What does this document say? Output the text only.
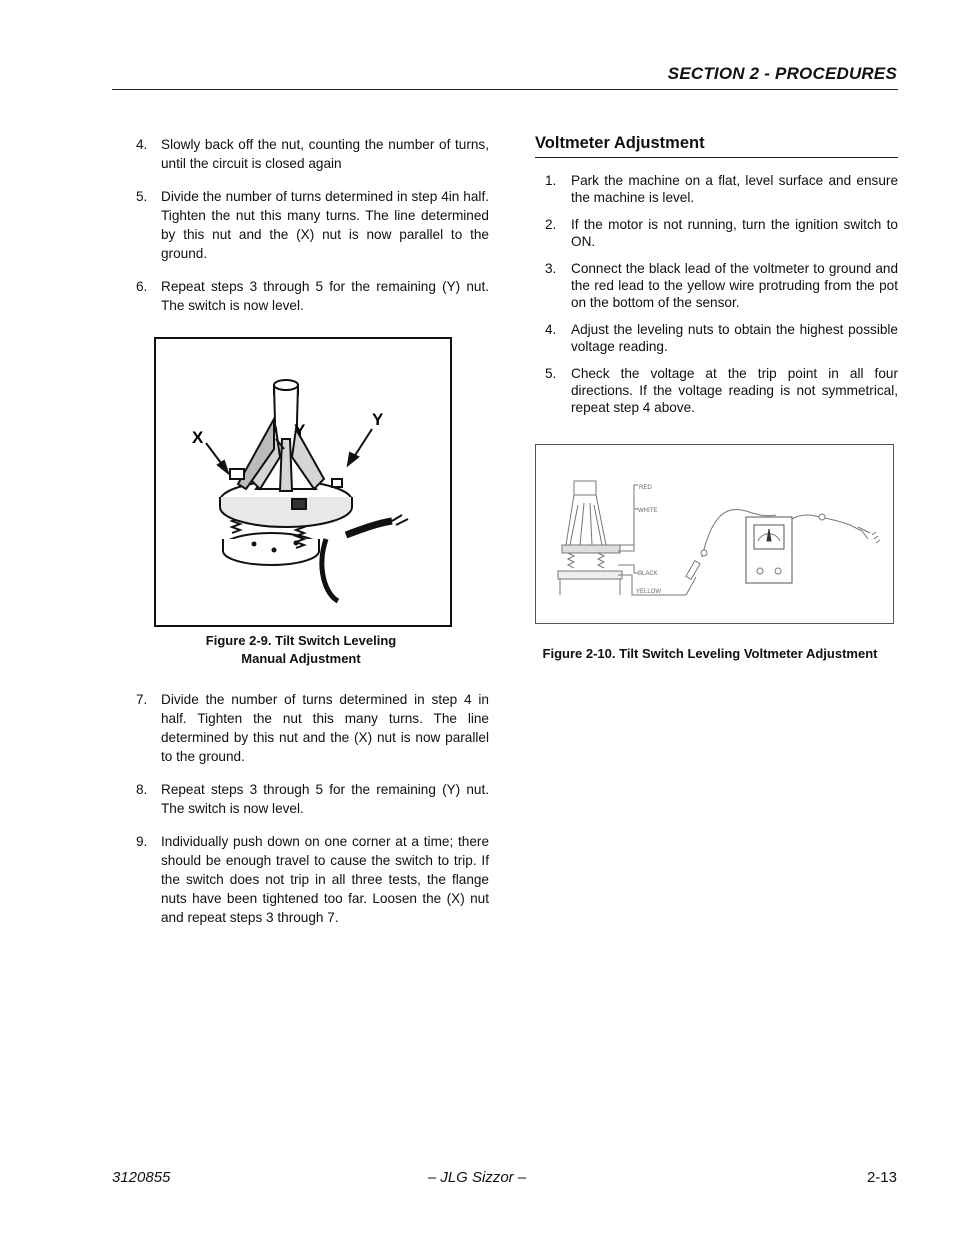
SECTION 2 - PROCEDURES
4. Slowly back off the nut, counting the number of turns, until the circuit is closed again
5. Divide the number of turns determined in step 4in half. Tighten the nut this many turns. The line determined by this nut and the (X) nut is now parallel to the ground.
6. Repeat steps 3 through 5 for the remaining (Y) nut. The switch is now level.
X	Y
Y
Figure 2-9. Tilt Switch Leveling
Manual Adjustment
7. Divide the number of turns determined in step 4 in half. Tighten the nut this many turns. The line determined by this nut and the (X) nut is now parallel to the ground.
8. Repeat steps 3 through 5 for the remaining (Y) nut. The switch is now level.
9. Individually push down on one corner at a time; there should be enough travel to cause the switch to trip. If the switch does not trip in all three tests, the flange nuts have been tightened too far. Loosen the (X) nut and repeat steps 3 through 7.
Voltmeter Adjustment
1. Park the machine on a flat, level surface and ensure the machine is level.
2. If the motor is not running, turn the ignition switch to ON.
3. Connect the black lead of the voltmeter to ground and the red lead to the yellow wire protruding from the pot on the bottom of the sensor.
4. Adjust the leveling nuts to obtain the highest possible voltage reading.
5. Check the voltage at the trip point in all four directions. If the voltage reading is not symmetrical, repeat step 4 above.
RED
WHITE
BLACK
YELLOW
Figure 2-10. Tilt Switch Leveling Voltmeter Adjustment
3120855	– JLG Sizzor –	2-13
